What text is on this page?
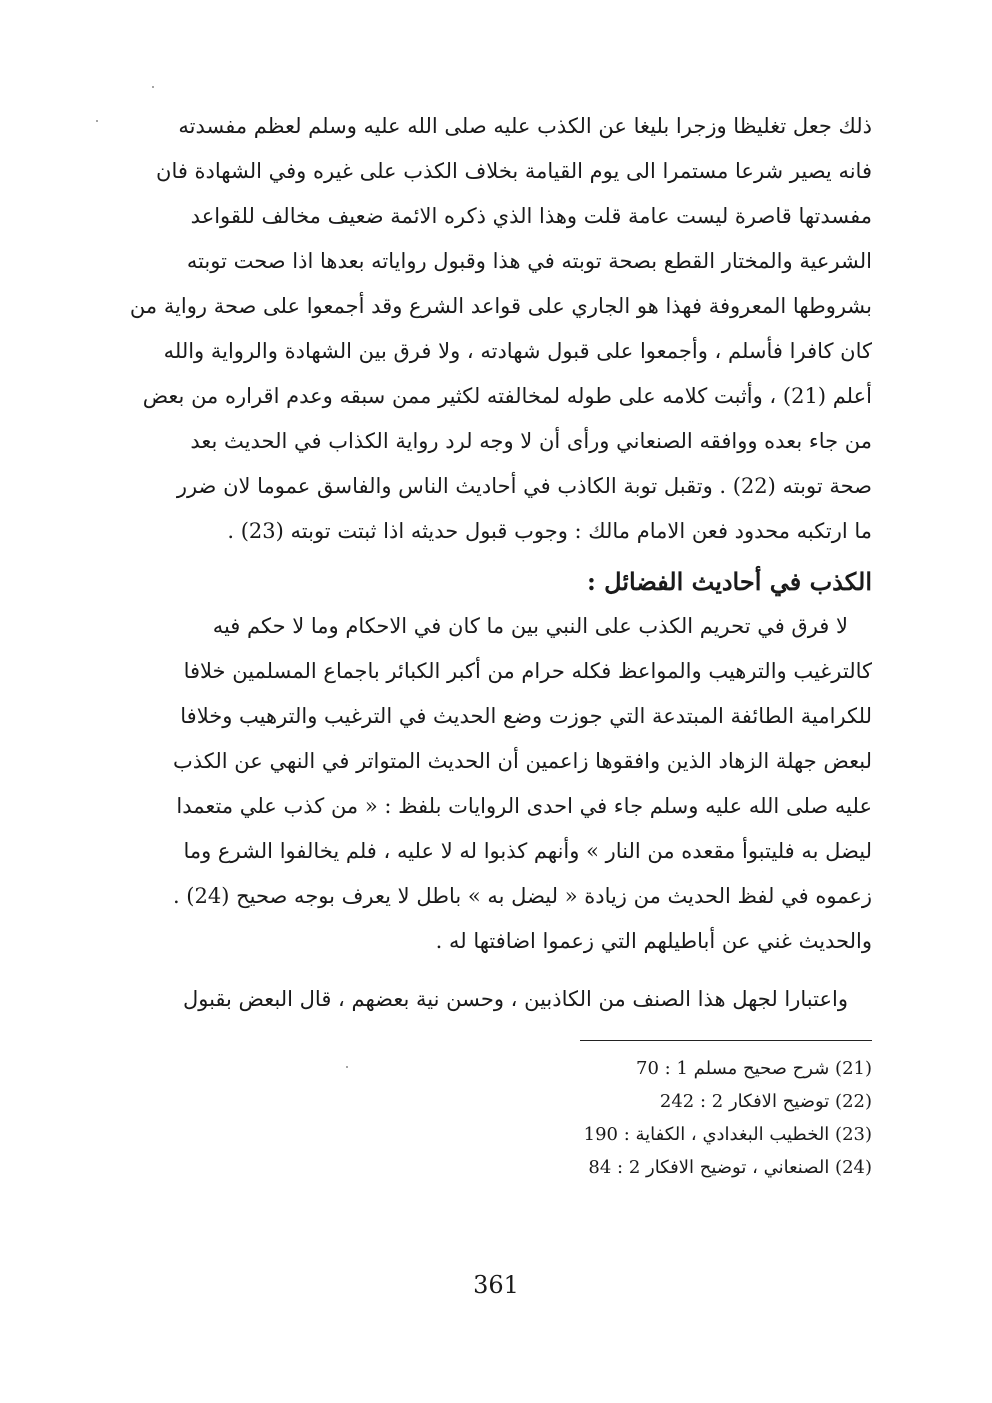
ذلك جعل تغليظا وزجرا بليغا عن الكذب عليه صلى الله عليه وسلم لعظم مفسدته
فانه يصير شرعا مستمرا الى يوم القيامة بخلاف الكذب على غيره وفي الشهادة فان
مفسدتها قاصرة ليست عامة قلت وهذا الذي ذكره الائمة ضعيف مخالف للقواعد
الشرعية والمختار القطع بصحة توبته في هذا وقبول رواياته بعدها اذا صحت توبته
بشروطها المعروفة فهذا هو الجاري على قواعد الشرع وقد أجمعوا على صحة رواية من
كان كافرا فأسلم ، وأجمعوا على قبول شهادته ، ولا فرق بين الشهادة والرواية والله
أعلم (21) ، وأثبت كلامه على طوله لمخالفته لكثير ممن سبقه وعدم اقراره من بعض
من جاء بعده ووافقه الصنعاني ورأى أن لا وجه لرد رواية الكذاب في الحديث بعد
صحة توبته (22) . وتقبل توبة الكاذب في أحاديث الناس والفاسق عموما لان ضرر
ما ارتكبه محدود فعن الامام مالك : وجوب قبول حديثه اذا ثبتت توبته (23) .
الكذب في أحاديث الفضائل :
لا فرق في تحريم الكذب على النبي بين ما كان في الاحكام وما لا حكم فيه
كالترغيب والترهيب والمواعظ فكله حرام من أكبر الكبائر باجماع المسلمين خلافا
للكرامية الطائفة المبتدعة التي جوزت وضع الحديث في الترغيب والترهيب وخلافا
لبعض جهلة الزهاد الذين وافقوها زاعمين أن الحديث المتواتر في النهي عن الكذب
عليه صلى الله عليه وسلم جاء في احدى الروايات بلفظ : « من كذب علي متعمدا
ليضل به فليتبوأ مقعده من النار » وأنهم كذبوا له لا عليه ، فلم يخالفوا الشرع وما
زعموه في لفظ الحديث من زيادة « ليضل به » باطل لا يعرف بوجه صحيح (24) .
والحديث غني عن أباطيلهم التي زعموا اضافتها له .
واعتبارا لجهل هذا الصنف من الكاذبين ، وحسن نية بعضهم ، قال البعض بقبول
(21) شرح صحيح مسلم 1 : 70
(22) توضيح الافكار 2 : 242
(23) الخطيب البغدادي ، الكفاية : 190
(24) الصنعاني ، توضيح الافكار 2 : 84
361
